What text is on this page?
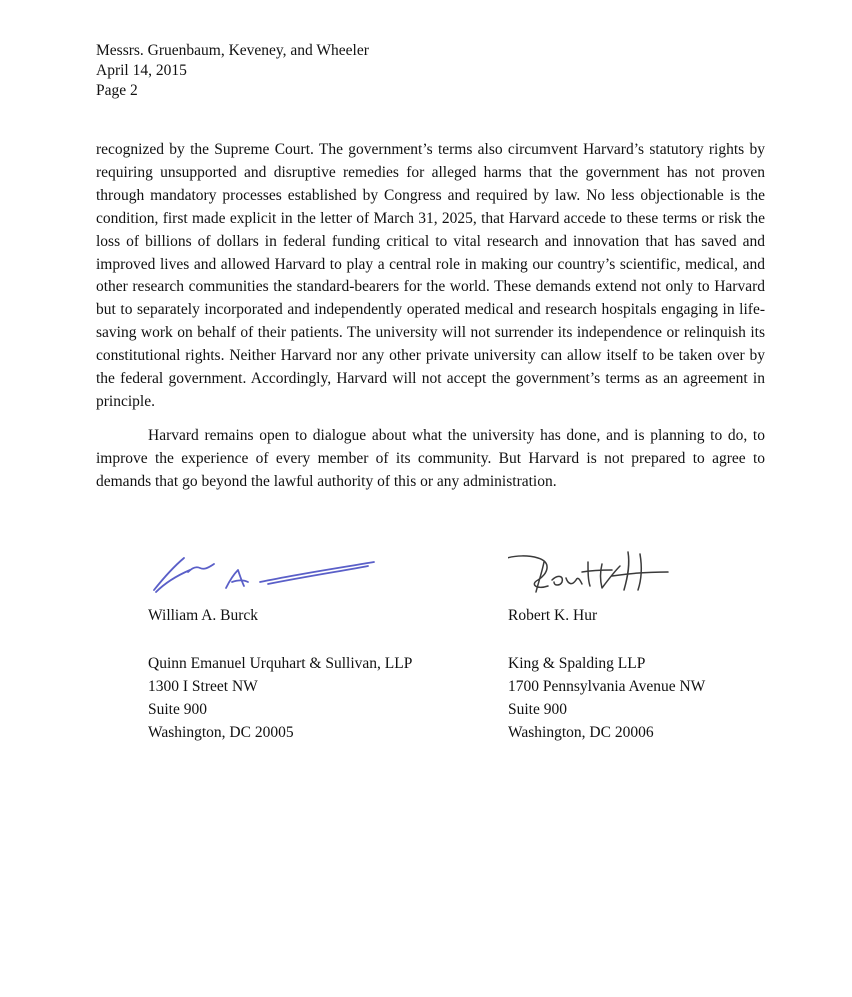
Messrs. Gruenbaum, Keveney, and Wheeler
April 14, 2015
Page 2

recognized by the Supreme Court. The government’s terms also circumvent Harvard’s statutory rights by requiring unsupported and disruptive remedies for alleged harms that the government has not proven through mandatory processes established by Congress and required by law. No less objectionable is the condition, first made explicit in the letter of March 31, 2025, that Harvard accede to these terms or risk the loss of billions of dollars in federal funding critical to vital research and innovation that has saved and improved lives and allowed Harvard to play a central role in making our country’s scientific, medical, and other research communities the standard-bearers for the world. These demands extend not only to Harvard but to separately incorporated and independently operated medical and research hospitals engaging in life-saving work on behalf of their patients. The university will not surrender its independence or relinquish its constitutional rights. Neither Harvard nor any other private university can allow itself to be taken over by the federal government. Accordingly, Harvard will not accept the government’s terms as an agreement in principle.

Harvard remains open to dialogue about what the university has done, and is planning to do, to improve the experience of every member of its community. But Harvard is not prepared to agree to demands that go beyond the lawful authority of this or any administration.

William A. Burck
Quinn Emanuel Urquhart & Sullivan, LLP
1300 I Street NW
Suite 900
Washington, DC 20005
Robert K. Hur
King & Spalding LLP
1700 Pennsylvania Avenue NW
Suite 900
Washington, DC 20006
